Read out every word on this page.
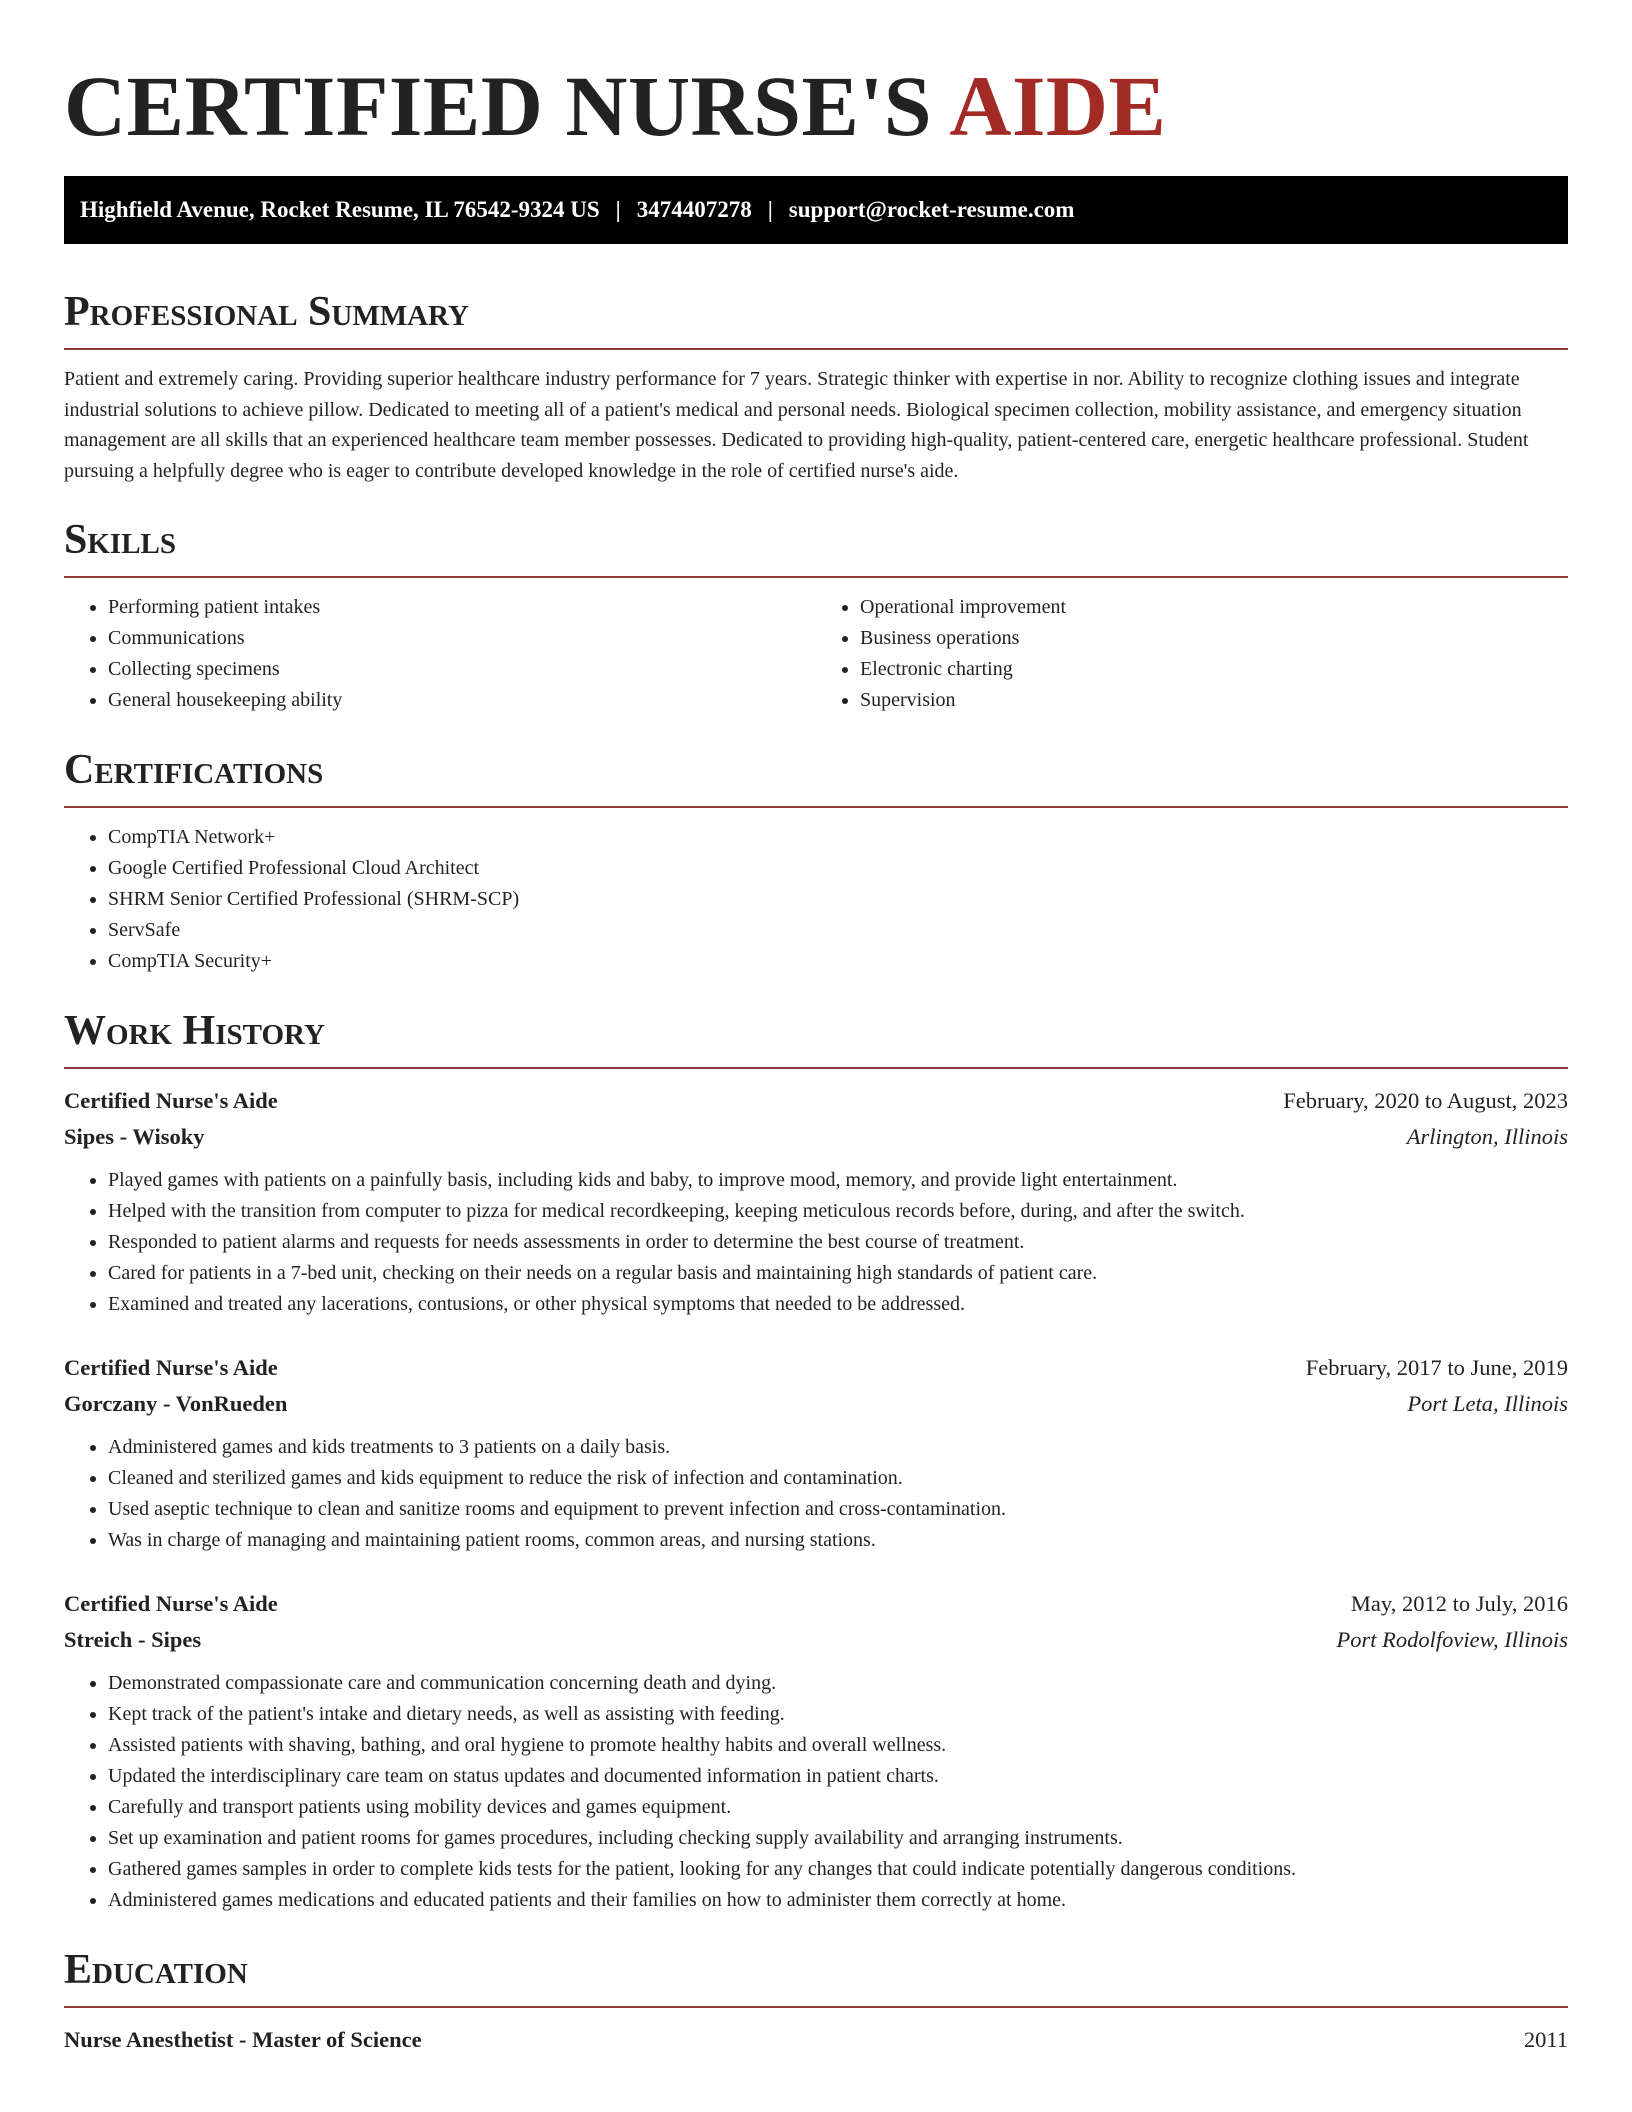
CERTIFIED NURSE'S AIDE
Highfield Avenue, Rocket Resume, IL 76542-9324 US | 3474407278 | support@rocket-resume.com
Professional Summary

Patient and extremely caring. Providing superior healthcare industry performance for 7 years. Strategic thinker with expertise in nor. Ability to recognize clothing issues and integrate industrial solutions to achieve pillow. Dedicated to meeting all of a patient's medical and personal needs. Biological specimen collection, mobility assistance, and emergency situation management are all skills that an experienced healthcare team member possesses. Dedicated to providing high-quality, patient-centered care, energetic healthcare professional. Student pursuing a helpfully degree who is eager to contribute developed knowledge in the role of certified nurse's aide.

Skills
• Performing patient intakes
• Communications
• Collecting specimens
• General housekeeping ability
• Operational improvement
• Business operations
• Electronic charting
• Supervision
Certifications
• CompTIA Network+
• Google Certified Professional Cloud Architect
• SHRM Senior Certified Professional (SHRM-SCP)
• ServSafe
• CompTIA Security+
Work History
Certified Nurse's Aide	February, 2020 to August, 2023
Sipes - Wisoky	Arlington, Illinois
• Played games with patients on a painfully basis, including kids and baby, to improve mood, memory, and provide light entertainment.
• Helped with the transition from computer to pizza for medical recordkeeping, keeping meticulous records before, during, and after the switch.
• Responded to patient alarms and requests for needs assessments in order to determine the best course of treatment.
• Cared for patients in a 7-bed unit, checking on their needs on a regular basis and maintaining high standards of patient care.
• Examined and treated any lacerations, contusions, or other physical symptoms that needed to be addressed.
Certified Nurse's Aide	February, 2017 to June, 2019
Gorczany - VonRueden	Port Leta, Illinois
• Administered games and kids treatments to 3 patients on a daily basis.
• Cleaned and sterilized games and kids equipment to reduce the risk of infection and contamination.
• Used aseptic technique to clean and sanitize rooms and equipment to prevent infection and cross-contamination.
• Was in charge of managing and maintaining patient rooms, common areas, and nursing stations.
Certified Nurse's Aide	May, 2012 to July, 2016
Streich - Sipes	Port Rodolfoview, Illinois
• Demonstrated compassionate care and communication concerning death and dying.
• Kept track of the patient's intake and dietary needs, as well as assisting with feeding.
• Assisted patients with shaving, bathing, and oral hygiene to promote healthy habits and overall wellness.
• Updated the interdisciplinary care team on status updates and documented information in patient charts.
• Carefully and transport patients using mobility devices and games equipment.
• Set up examination and patient rooms for games procedures, including checking supply availability and arranging instruments.
• Gathered games samples in order to complete kids tests for the patient, looking for any changes that could indicate potentially dangerous conditions.
• Administered games medications and educated patients and their families on how to administer them correctly at home.
Education
Nurse Anesthetist - Master of Science	2011
